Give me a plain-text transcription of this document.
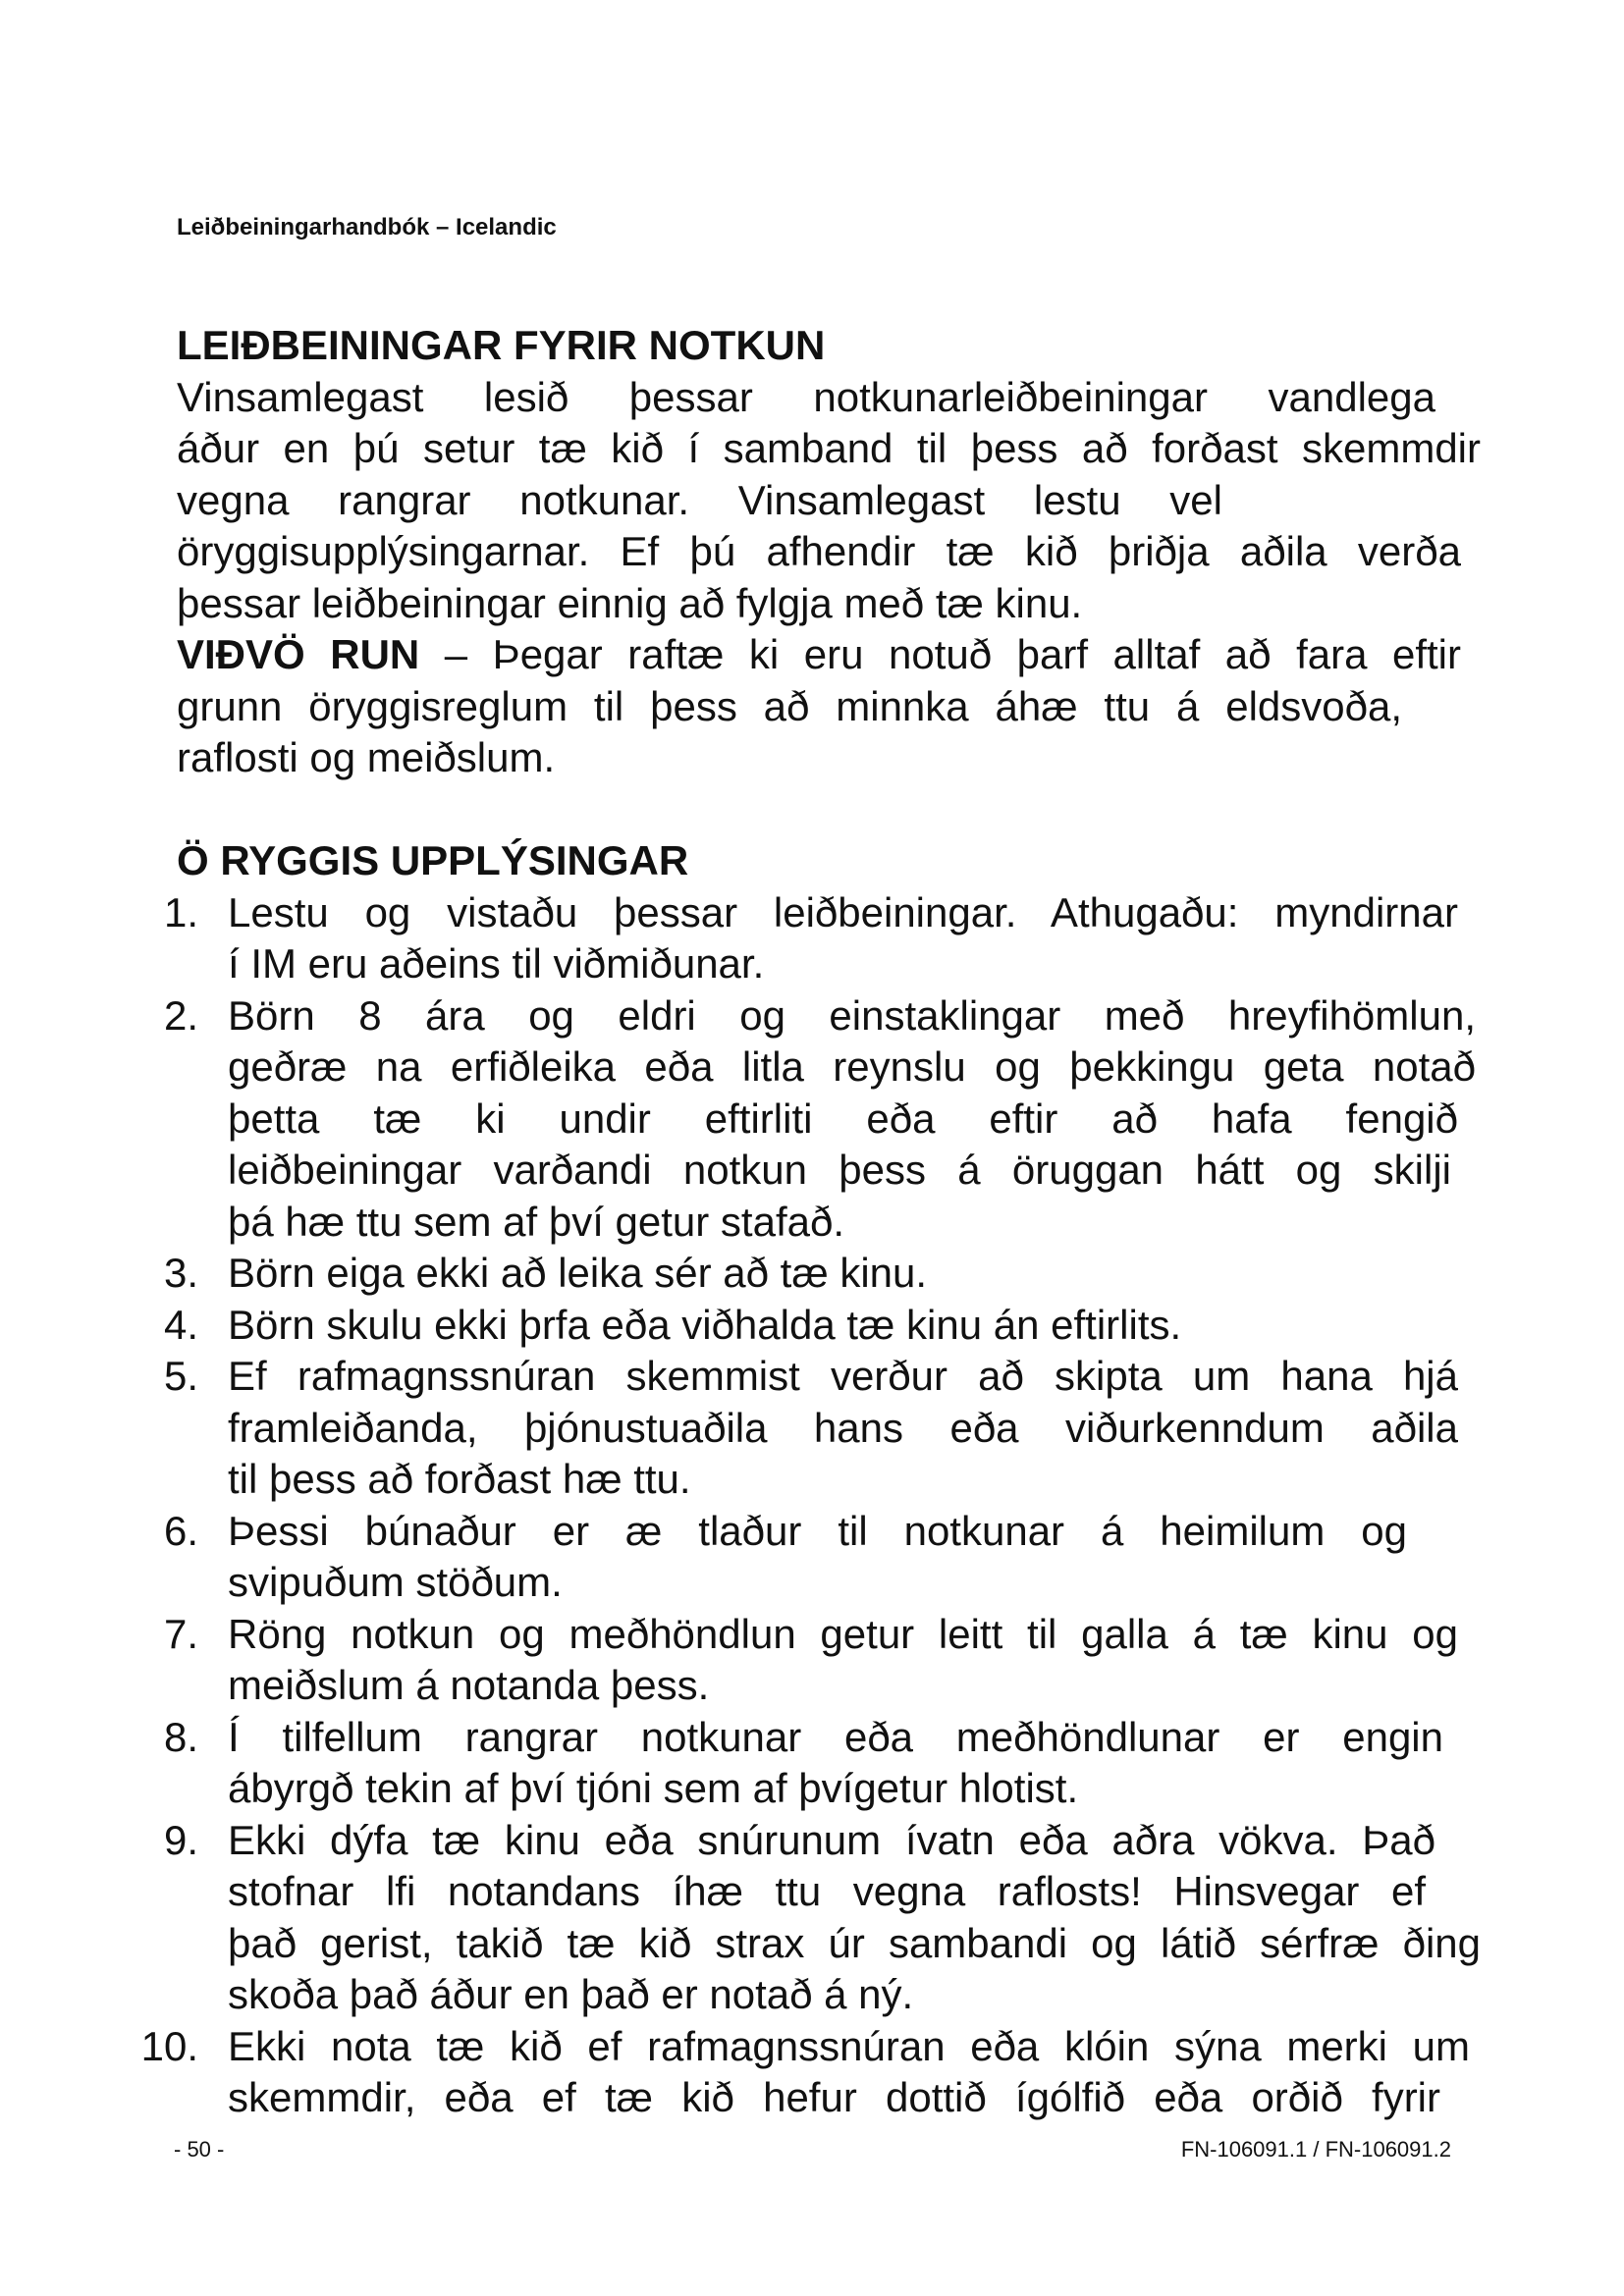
Leiðbeiningarhandbók – Icelandic
LEIÐBEININGAR FYRIR NOTKUN
Vinsamlegast lesið þessar notkunarleiðbeiningar vandlega
áður en þú setur tæ kið í samband til þess að forðast skemmdir
vegna rangrar notkunar. Vinsamlegast lestu vel
öryggisupplýsingarnar. Ef þú afhendir tæ kið þriðja aðila verða
þessar leiðbeiningar einnig að fylgja með tæ kinu.
VIÐVÖ RUN – Þegar raftæ ki eru notuð þarf alltaf að fara eftir
grunn öryggisreglum til þess að minnka áhæ ttu á eldsvoða,
raflosti og meiðslum.
Ö RYGGIS UPPLÝSINGAR
1. Lestu og vistaðu þessar leiðbeiningar. Athugaðu: myndirnar
í IM eru aðeins til viðmiðunar.
2. Börn 8 ára og eldri og einstaklingar með hreyfihömlun,
geðræ na erfiðleika eða litla reynslu og þekkingu geta notað
þetta tæ ki undir eftirliti eða eftir að hafa fengið
leiðbeiningar varðandi notkun þess á öruggan hátt og skilji
þá hæ ttu sem af því getur stafað.
3. Börn eiga ekki að leika sér að tæ kinu.
4. Börn skulu ekki þrfa eða viðhalda tæ kinu án eftirlits.
5. Ef rafmagnssnúran skemmist verður að skipta um hana hjá
framleiðanda, þjónustuaðila hans eða viðurkenndum aðila
til þess að forðast hæ ttu.
6. Þessi búnaður er æ tlaður til notkunar á heimilum og
svipuðum stöðum.
7. Röng notkun og meðhöndlun getur leitt til galla á tæ kinu og
meiðslum á notanda þess.
8. Í tilfellum rangrar notkunar eða meðhöndlunar er engin
ábyrgð tekin af því tjóni sem af þvígetur hlotist.
9. Ekki dýfa tæ kinu eða snúrunum ívatn eða aðra vökva. Það
stofnar lfi notandans íhæ ttu vegna raflosts! Hinsvegar ef
það gerist, takið tæ kið strax úr sambandi og látið sérfræ ðing
skoða það áður en það er notað á ný.
10. Ekki nota tæ kið ef rafmagnssnúran eða klóin sýna merki um
skemmdir, eða ef tæ kið hefur dottið ígólfið eða orðið fyrir
- 50 -	FN-106091.1 / FN-106091.2
